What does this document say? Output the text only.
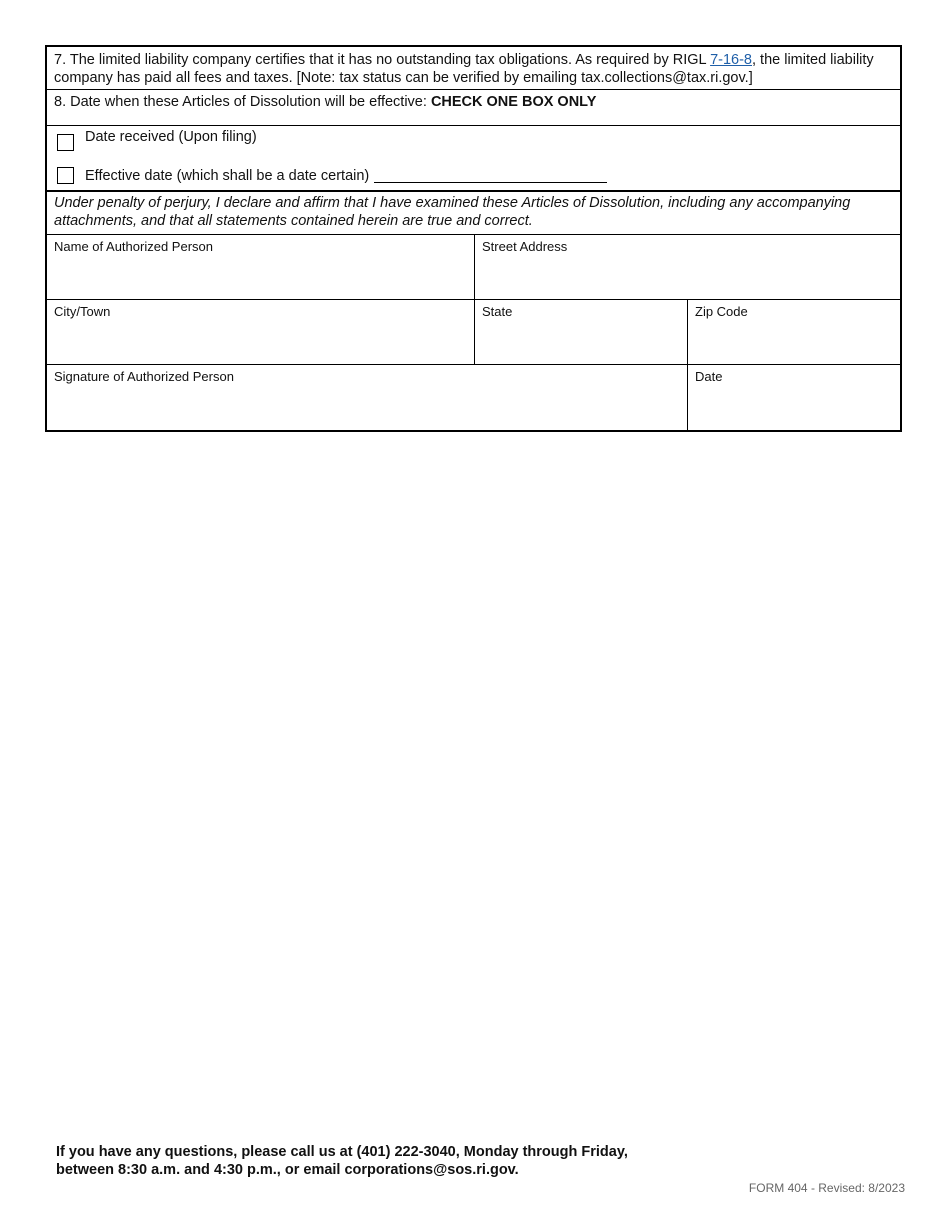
7. The limited liability company certifies that it has no outstanding tax obligations. As required by RIGL 7-16-8, the limited liability company has paid all fees and taxes. [Note: tax status can be verified by emailing tax.collections@tax.ri.gov.]
8. Date when these Articles of Dissolution will be effective: CHECK ONE BOX ONLY
Date received (Upon filing)
Effective date (which shall be a date certain)
Under penalty of perjury, I declare and affirm that I have examined these Articles of Dissolution, including any accompanying attachments, and that all statements contained herein are true and correct.
Name of Authorized Person	Street Address
City/Town	State	Zip Code
Signature of Authorized Person	Date
If you have any questions, please call us at (401) 222-3040, Monday through Friday,
between 8:30 a.m. and 4:30 p.m., or email corporations@sos.ri.gov.
FORM 404 - Revised: 8/2023
